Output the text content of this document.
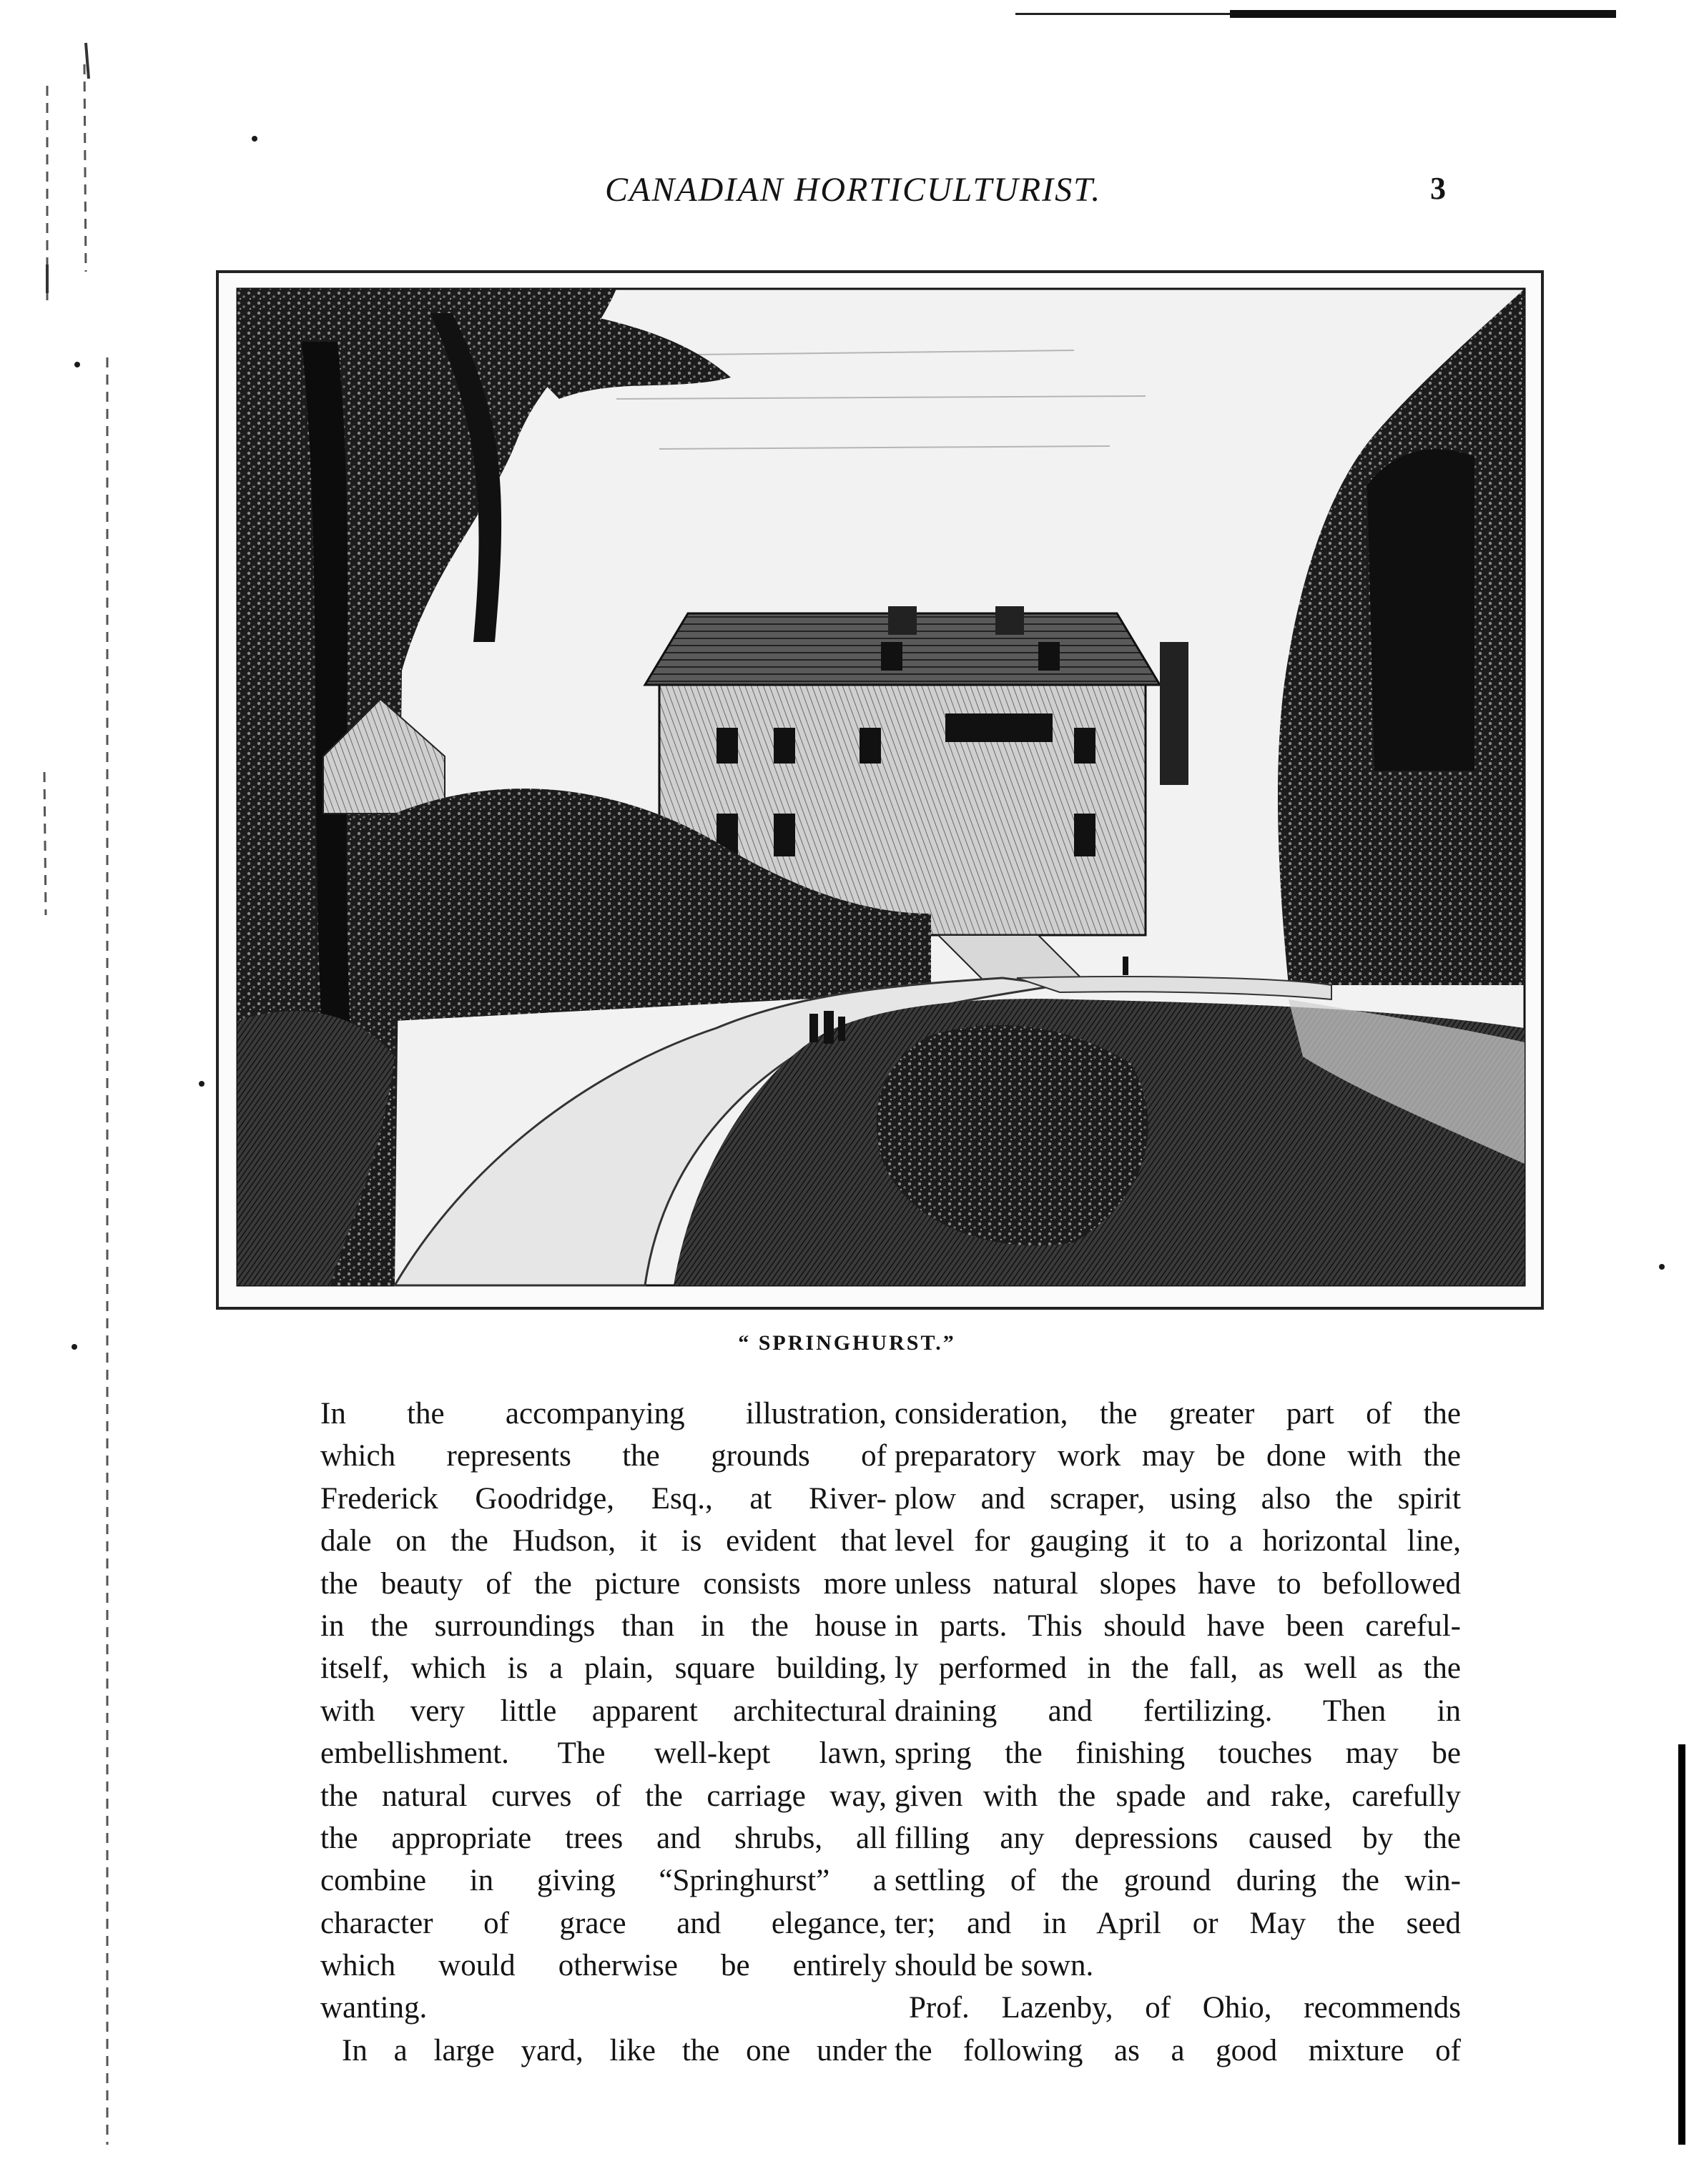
CANADIAN HORTICULTURIST.	3
“ SPRINGHURST.”

In the accompanying illustration,
which represents the grounds of
Frederick Goodridge, Esq., at River-
dale on the Hudson, it is evident that
the beauty of the picture consists more
in the surroundings than in the house
itself, which is a plain, square building,
with very little apparent architectural
embellishment. The well-kept lawn,
the natural curves of the carriage way,
the appropriate trees and shrubs, all
combine in giving “Springhurst” a
character of grace and elegance,
which would otherwise be entirely
wanting.

In a large yard, like the one under

consideration, the greater part of the
preparatory work may be done with the
plow and scraper, using also the spirit
level for gauging it to a horizontal line,
unless natural slopes have to befollowed
in parts. This should have been careful-
ly performed in the fall, as well as the
draining and fertilizing. Then in
spring the finishing touches may be
given with the spade and rake, carefully
filling any depressions caused by the
settling of the ground during the win-
ter; and in April or May the seed
should be sown.

Prof. Lazenby, of Ohio, recommends
the following as a good mixture of
